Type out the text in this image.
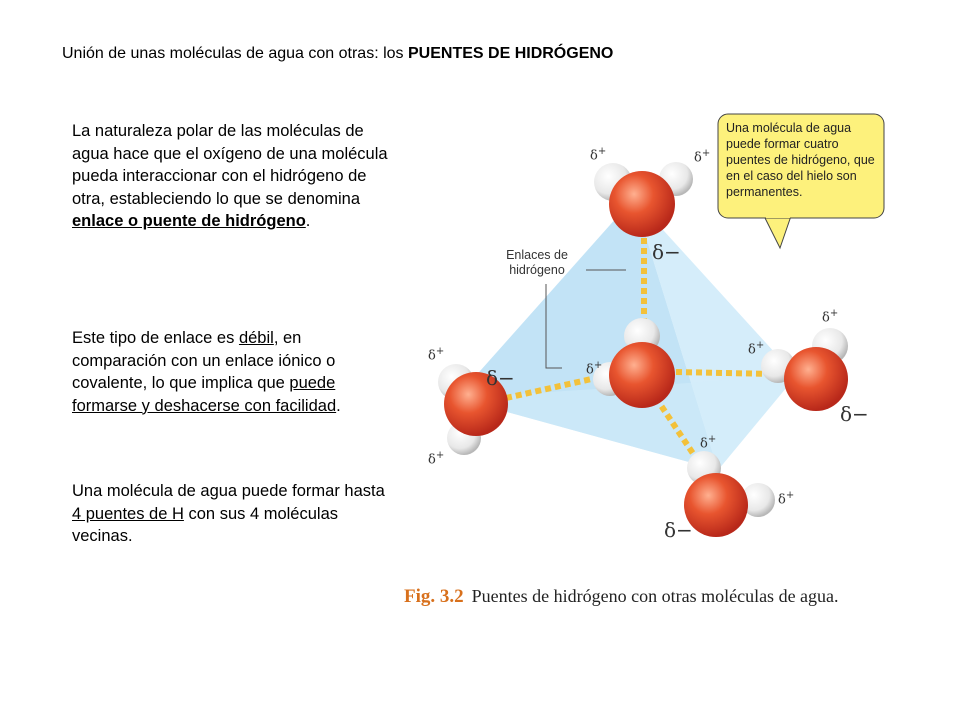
Unión de unas moléculas de agua con otras: los PUENTES DE HIDRÓGENO

La naturaleza polar de las moléculas de agua hace que el oxígeno de una molécula pueda interaccionar con el hidrógeno de otra, estableciendo lo que se denomina enlace o puente de hidrógeno.

Este tipo de enlace es débil, en comparación con un enlace iónico o covalente, lo que implica que puede formarse y deshacerse con facilidad.

Una molécula de agua puede formar hasta 4 puentes de H con sus 4 moléculas vecinas.

Una molécula de agua puede formar cuatro puentes de hidrógeno, que en el caso del hielo son permanentes.
Enlaces de hidrógeno
δ−
δ−
δ−
δ−
δ+	δ+
δ+
δ+
δ+
δ+
δ+
δ+
δ+
Fig. 3.2 Puentes de hidrógeno con otras moléculas de agua.
